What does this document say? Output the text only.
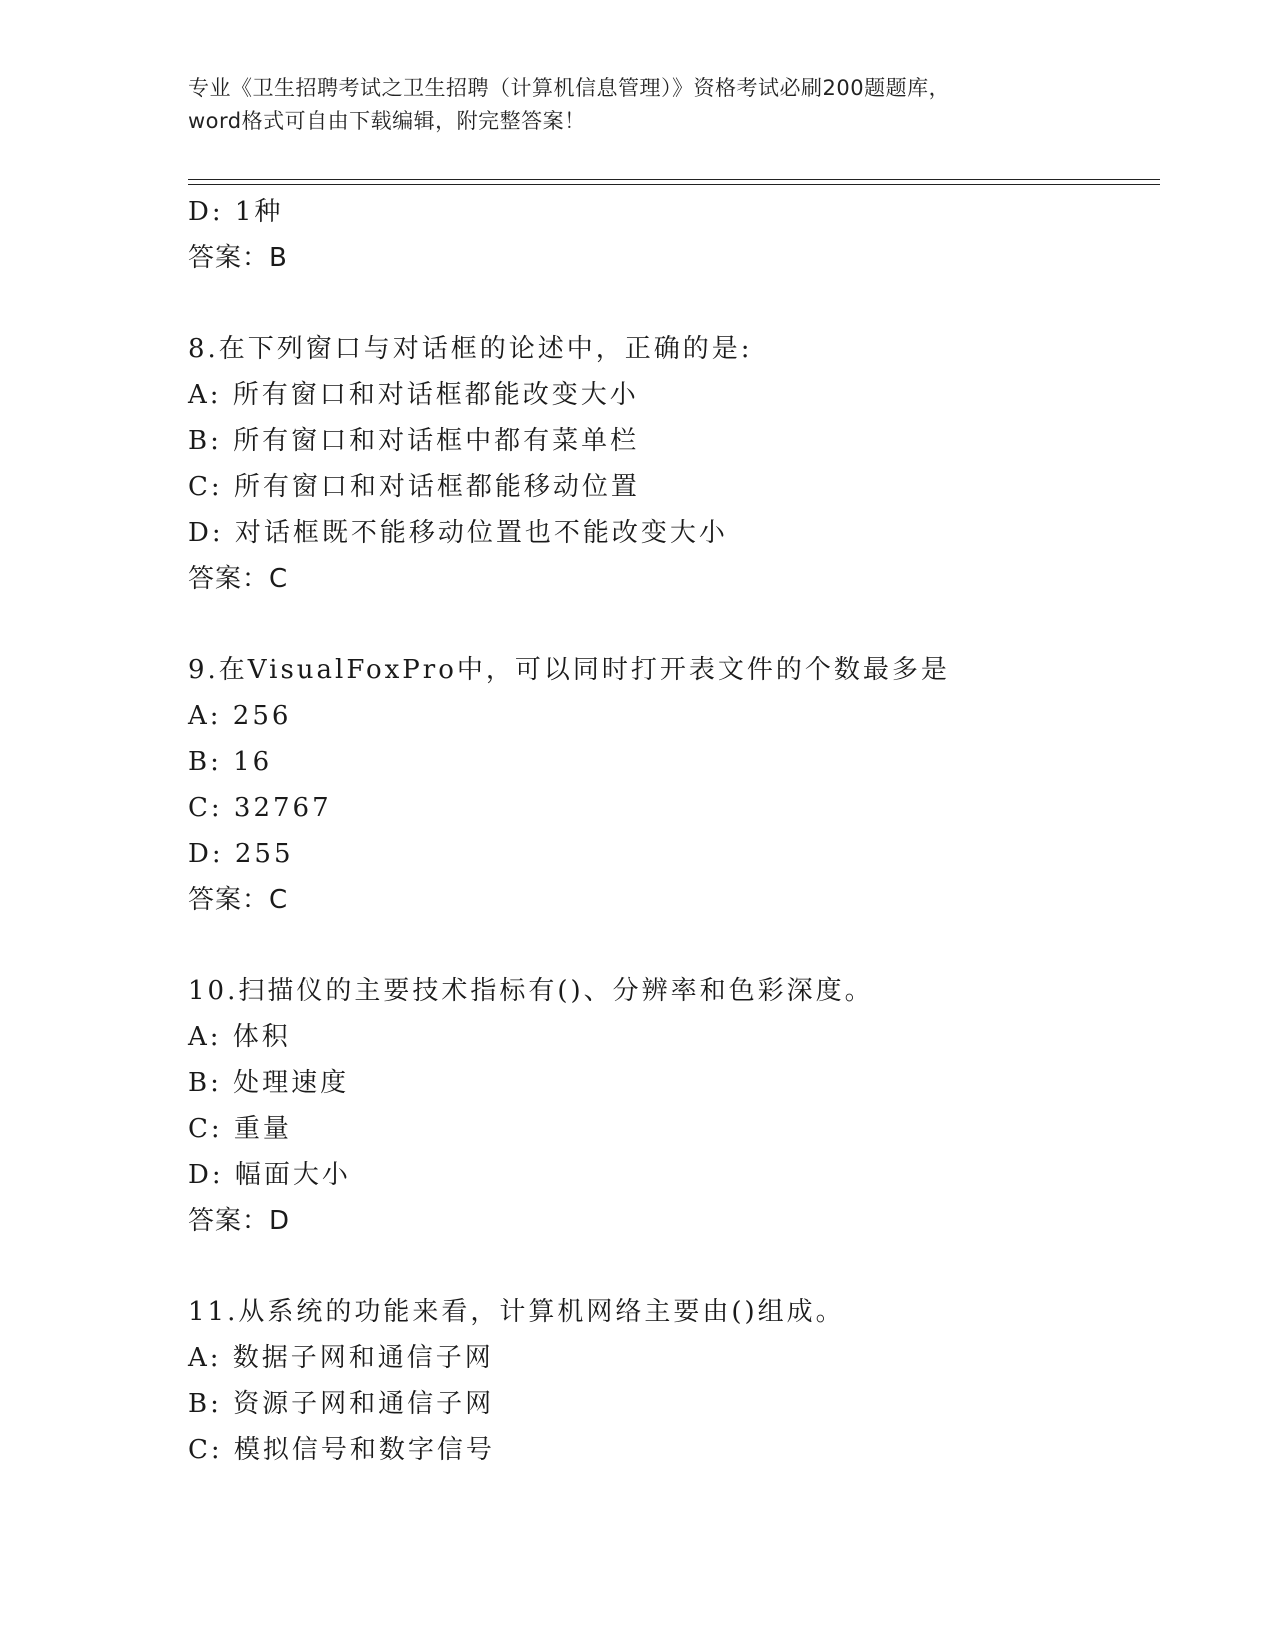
专业《卫生招聘考试之卫生招聘（计算机信息管理）》资格考试必刷200题题库，
word格式可自由下载编辑，附完整答案！
D: 1种
答案：B
8.在下列窗口与对话框的论述中，正确的是:
A: 所有窗口和对话框都能改变大小
B: 所有窗口和对话框中都有菜单栏
C: 所有窗口和对话框都能移动位置
D: 对话框既不能移动位置也不能改变大小
答案：C
9.在VisualFoxPro中，可以同时打开表文件的个数最多是
A: 256
B: 16
C: 32767
D: 255
答案：C
10.扫描仪的主要技术指标有()、分辨率和色彩深度。
A: 体积
B: 处理速度
C: 重量
D: 幅面大小
答案：D
11.从系统的功能来看，计算机网络主要由()组成。
A: 数据子网和通信子网
B: 资源子网和通信子网
C: 模拟信号和数字信号
